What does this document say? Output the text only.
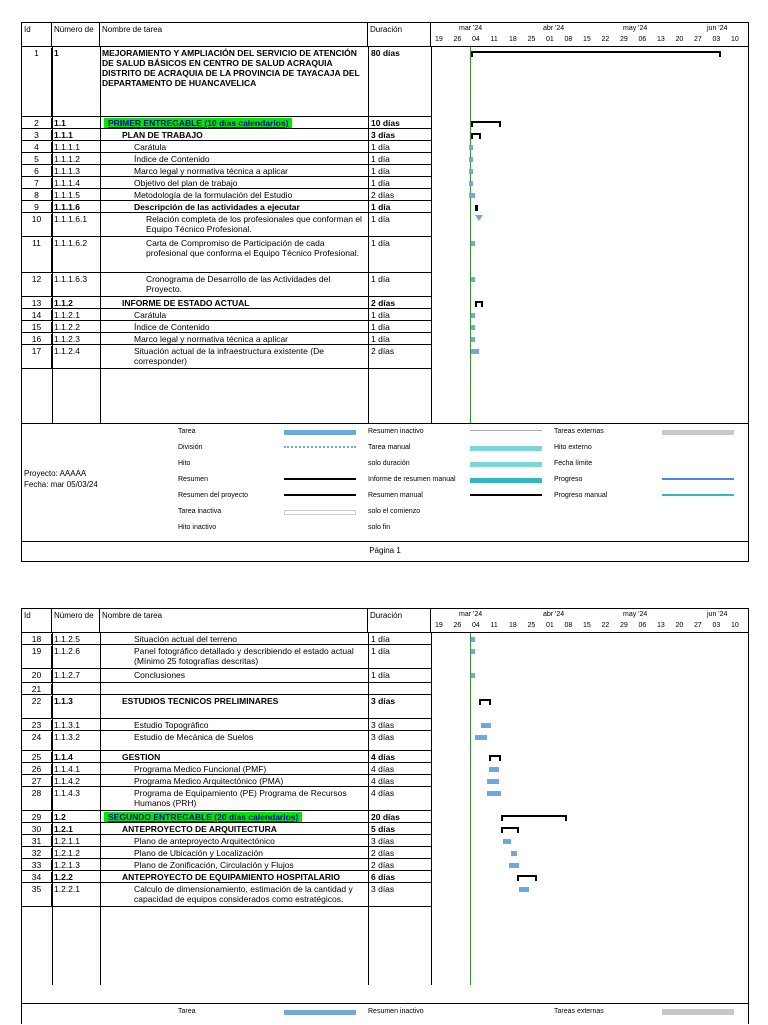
Id	Número de	Nombre de tarea	Duración	mar '24	abr '24	may '24	jun '24
19 26 04 11 18 25 01 08 15 22 29 06 13 20 27 03 10
1	1	MEJORAMIENTO Y AMPLIACIÓN DEL SERVICIO DE ATENCIÓN DE SALUD BÁSICOS EN CENTRO DE SALUD ACRAQUIA DISTRITO DE ACRAQUIA DE LA PROVINCIA DE TAYACAJA DEL DEPARTAMENTO DE HUANCAVELICA
80 días
2	1.1	PRIMER ENTREGABLE (10 días calendarios)	10 días
3	1.1.1	PLAN DE TRABAJO	3 días
4	1.1.1.1	Carátula	1 día
5	1.1.1.2	Índice de Contenido	1 día
6	1.1.1.3	Marco legal y normativa técnica a aplicar	1 día
7	1.1.1.4	Objetivo del plan de trabajo	1 día
8	1.1.1.5	Metodología de la formulación del Estudio	2 días
9	1.1.1.6	Descripción de las actividades a ejecutar	1 día
10	1.1.1.6.1	Relación completa de los profesionales que conforman el Equipo Técnico Profesional.
1 día
11	1.1.1.6.2	Carta de Compromiso de Participación de cada profesional que conforma el Equipo Técnico Profesional.
1 día
12	1.1.1.6.3	Cronograma de Desarrollo de las Actividades del Proyecto.
1 día
13	1.1.2	INFORME DE ESTADO ACTUAL	2 días
14	1.1.2.1	Carátula	1 día
15	1.1.2.2	Índice de Contenido	1 día
16	1.1.2.3	Marco legal y normativa técnica a aplicar	1 día
17	1.1.2.4	Situación actual de la infraestructura existente (De corresponder)
2 días
Proyecto: AAAAA
Fecha: mar 05/03/24
Tarea
División
Hito
Resumen
Resumen del proyecto
Tarea inactiva
Hito inactivo
Resumen inactivo
Tarea manual
solo duración
Informe de resumen manual
Resumen manual
solo el comienzo
solo fin
Tareas externas
Hito externo
Fecha límite
Progreso
Progreso manual
Página 1
Id	Número de	Nombre de tarea	Duración	mar '24	abr '24	may '24	jun '24
19 26 04 11 18 25 01 08 15 22 29 06 13 20 27 03 10
18	1.1.2.5	Situación actual del terreno	1 día
19	1.1.2.6	Panel fotográfico detallado y describiendo el estado actual (Mínimo 25 fotografías descritas)
1 día
20	1.1.2.7	Conclusiones	1 día
21
22	1.1.3	ESTUDIOS TECNICOS PRELIMINARES	3 días
23	1.1.3.1	Estudio Topográfico	3 días
24	1.1.3.2	Estudio de Mecánica de Suelos	3 días
25	1.1.4	GESTION	4 días
26	1.1.4.1	Programa Medico Funcional (PMF)	4 días
27	1.1.4.2	Programa Medico Arquitectónico (PMA)	4 días
28	1.1.4.3	Programa de Equipamiento (PE) Programa de Recursos Humanos (PRH)
4 días
29	1.2	SEGUNDO ENTREGABLE (20 días calendarios)	20 días
30	1.2.1	ANTEPROYECTO DE ARQUITECTURA	5 días
31	1.2.1.1	Plano de anteproyecto Arquitectónico	3 días
32	1.2.1.2	Plano de Ubicación y Localización	2 días
33	1.2.1.3	Plano de Zonificación, Circulación y Flujos	2 días
34	1.2.2	ANTEPROYECTO DE EQUIPAMIENTO HOSPITALARIO	6 días
35	1.2.2.1	Calculo de dimensionamiento, estimación de la cantidad y capacidad de equipos considerados como estratégicos.
3 días
Tarea	Resumen inactivo	Tareas externas
